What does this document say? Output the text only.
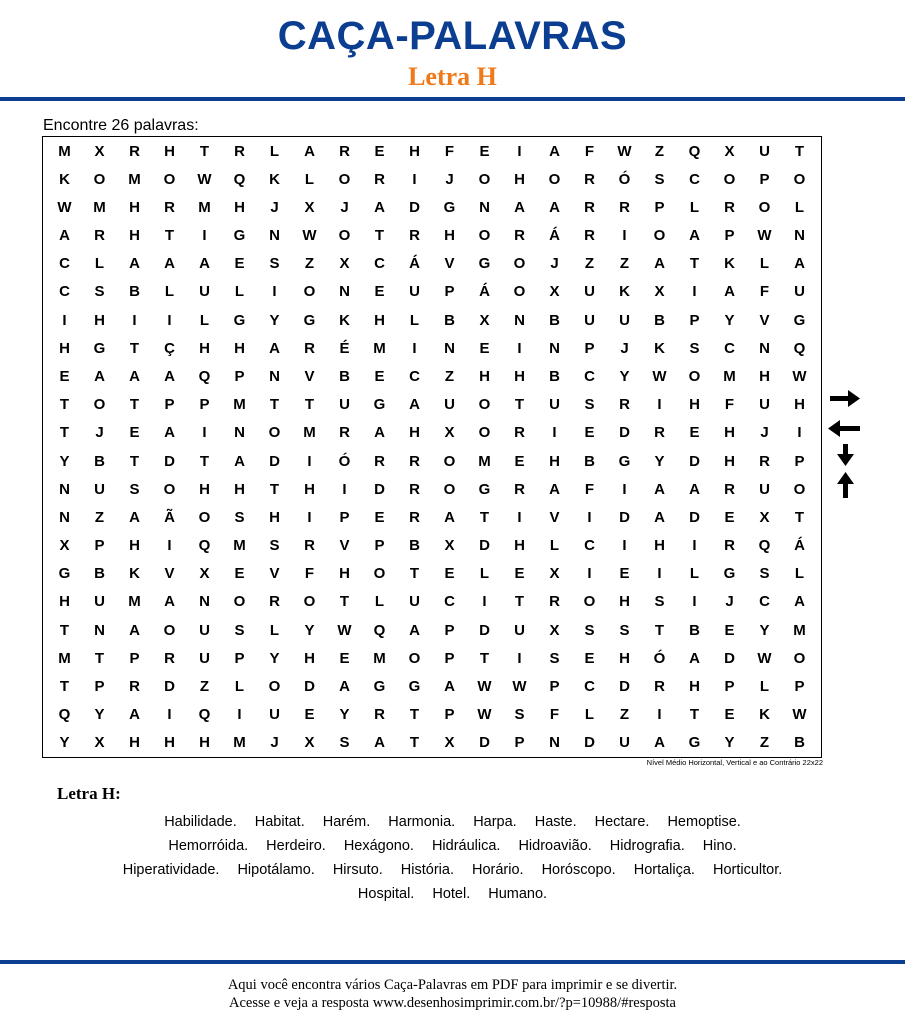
CAÇA-PALAVRAS
Letra H
Encontre 26 palavras:
M	X	R	H	T	R	L	A	R	E	H	F	E	I	A	F	W	Z	Q	X	U	T
K	O	M	O	W	Q	K	L	O	R	I	J	O	H	O	R	Ó	S	C	O	P	O
W	M	H	R	M	H	J	X	J	A	D	G	N	A	A	R	R	P	L	R	O	L
A	R	H	T	I	G	N	W	O	T	R	H	O	R	Á	R	I	O	A	P	W	N
C	L	A	A	A	E	S	Z	X	C	Á	V	G	O	J	Z	Z	A	T	K	L	A
C	S	B	L	U	L	I	O	N	E	U	P	Á	O	X	U	K	X	I	A	F	U
I	H	I	I	L	G	Y	G	K	H	L	B	X	N	B	U	U	B	P	Y	V	G
H	G	T	Ç	H	H	A	R	É	M	I	N	E	I	N	P	J	K	S	C	N	Q
E	A	A	A	Q	P	N	V	B	E	C	Z	H	H	B	C	Y	W	O	M	H	W
T	O	T	P	P	M	T	T	U	G	A	U	O	T	U	S	R	I	H	F	U	H
T	J	E	A	I	N	O	M	R	A	H	X	O	R	I	E	D	R	E	H	J	I
Y	B	T	D	T	A	D	I	Ó	R	R	O	M	E	H	B	G	Y	D	H	R	P
N	U	S	O	H	H	T	H	I	D	R	O	G	R	A	F	I	A	A	R	U	O
N	Z	A	Ã	O	S	H	I	P	E	R	A	T	I	V	I	D	A	D	E	X	T
X	P	H	I	Q	M	S	R	V	P	B	X	D	H	L	C	I	H	I	R	Q	Á
G	B	K	V	X	E	V	F	H	O	T	E	L	E	X	I	E	I	L	G	S	L
H	U	M	A	N	O	R	O	T	L	U	C	I	T	R	O	H	S	I	J	C	A
T	N	A	O	U	S	L	Y	W	Q	A	P	D	U	X	S	S	T	B	E	Y	M
M	T	P	R	U	P	Y	H	E	M	O	P	T	I	S	E	H	Ó	A	D	W	O
T	P	R	D	Z	L	O	D	A	G	G	A	W	W	P	C	D	R	H	P	L	P
Q	Y	A	I	Q	I	U	E	Y	R	T	P	W	S	F	L	Z	I	T	E	K	W
Y	X	H	H	H	M	J	X	S	A	T	X	D	P	N	D	U	A	G	Y	Z	B
Nível Médio Horizontal, Vertical e ao Contrário 22x22
Letra H:
Habilidade. Habitat. Harém. Harmonia. Harpa. Haste. Hectare. Hemoptise.
Hemorróida. Herdeiro. Hexágono. Hidráulica. Hidroavião. Hidrografia. Hino.
Hiperatividade. Hipotálamo. Hirsuto. História. Horário. Horóscopo. Hortaliça. Horticultor.
Hospital. Hotel. Humano.
Aqui você encontra vários Caça-Palavras em PDF para imprimir e se divertir.
Acesse e veja a resposta www.desenhosimprimir.com.br/?p=10988/#resposta
